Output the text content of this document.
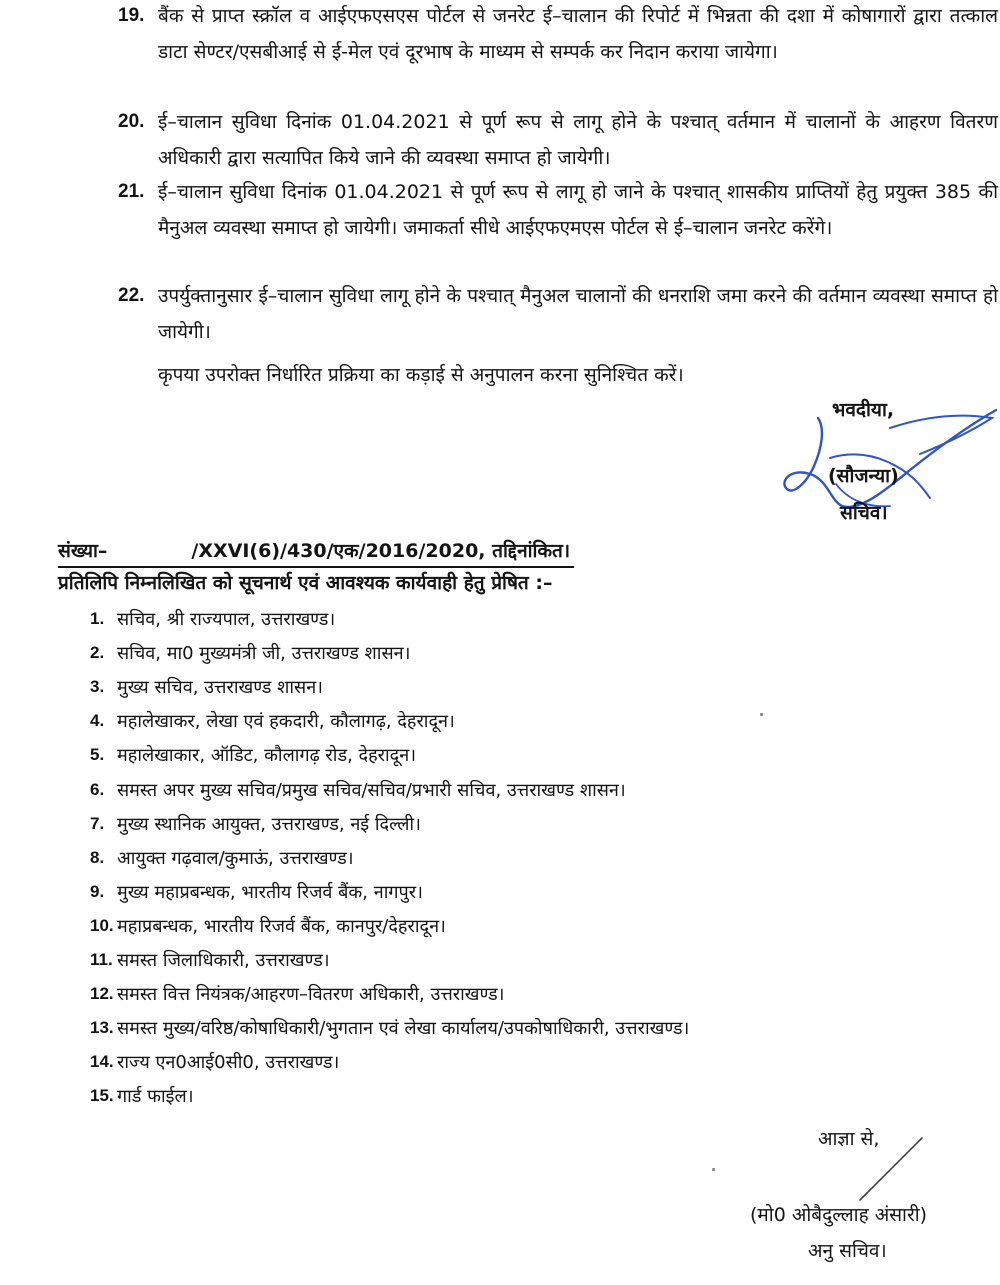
19. बैंक से प्राप्त स्क्रॉल व आईएफएसएस पोर्टल से जनरेट ई–चालान की रिपोर्ट में भिन्नता की दशा में कोषागारों द्वारा तत्काल डाटा सेण्टर/एसबीआई से ई-मेल एवं दूरभाष के माध्यम से सम्पर्क कर निदान कराया जायेगा।
20. ई–चालान सुविधा दिनांक 01.04.2021 से पूर्ण रूप से लागू होने के पश्चात् वर्तमान में चालानों के आहरण वितरण अधिकारी द्वारा सत्यापित किये जाने की व्यवस्था समाप्त हो जायेगी।
21. ई–चालान सुविधा दिनांक 01.04.2021 से पूर्ण रूप से लागू हो जाने के पश्चात् शासकीय प्राप्तियों हेतु प्रयुक्त 385 की मैनुअल व्यवस्था समाप्त हो जायेगी। जमाकर्ता सीधे आईएफएमएस पोर्टल से ई–चालान जनरेट करेंगे।
22. उपर्युक्तानुसार ई–चालान सुविधा लागू होने के पश्चात् मैनुअल चालानों की धनराशि जमा करने की वर्तमान व्यवस्था समाप्त हो जायेगी।
कृपया उपरोक्त निर्धारित प्रक्रिया का कड़ाई से अनुपालन करना सुनिश्चित करें।
भवदीया,
(सौजन्या)
सचिव।
संख्या–	/XXVI(6)/430/एक/2016/2020, तद्दिनांकित।
प्रतिलिपि निम्नलिखित को सूचनार्थ एवं आवश्यक कार्यवाही हेतु प्रेषित :–
1. सचिव, श्री राज्यपाल, उत्तराखण्ड।
2. सचिव, मा0 मुख्यमंत्री जी, उत्तराखण्ड शासन।
3. मुख्य सचिव, उत्तराखण्ड शासन।
4. महालेखाकर, लेखा एवं हकदारी, कौलागढ़, देहरादून।
5. महालेखाकार, ऑडिट, कौलागढ़ रोड, देहरादून।
6. समस्त अपर मुख्य सचिव/प्रमुख सचिव/सचिव/प्रभारी सचिव, उत्तराखण्ड शासन।
7. मुख्य स्थानिक आयुक्त, उत्तराखण्ड, नई दिल्ली।
8. आयुक्त गढ़वाल/कुमाऊं, उत्तराखण्ड।
9. मुख्य महाप्रबन्धक, भारतीय रिजर्व बैंक, नागपुर।
10. महाप्रबन्धक, भारतीय रिजर्व बैंक, कानपुर/देहरादून।
11. समस्त जिलाधिकारी, उत्तराखण्ड।
12. समस्त वित्त नियंत्रक/आहरण–वितरण अधिकारी, उत्तराखण्ड।
13. समस्त मुख्य/वरिष्ठ/कोषाधिकारी/भुगतान एवं लेखा कार्यालय/उपकोषाधिकारी, उत्तराखण्ड।
14. राज्य एन0आई0सी0, उत्तराखण्ड।
15. गार्ड फाईल।
आज्ञा से,
(मो0 ओबैदुल्लाह अंसारी)
अनु सचिव।
